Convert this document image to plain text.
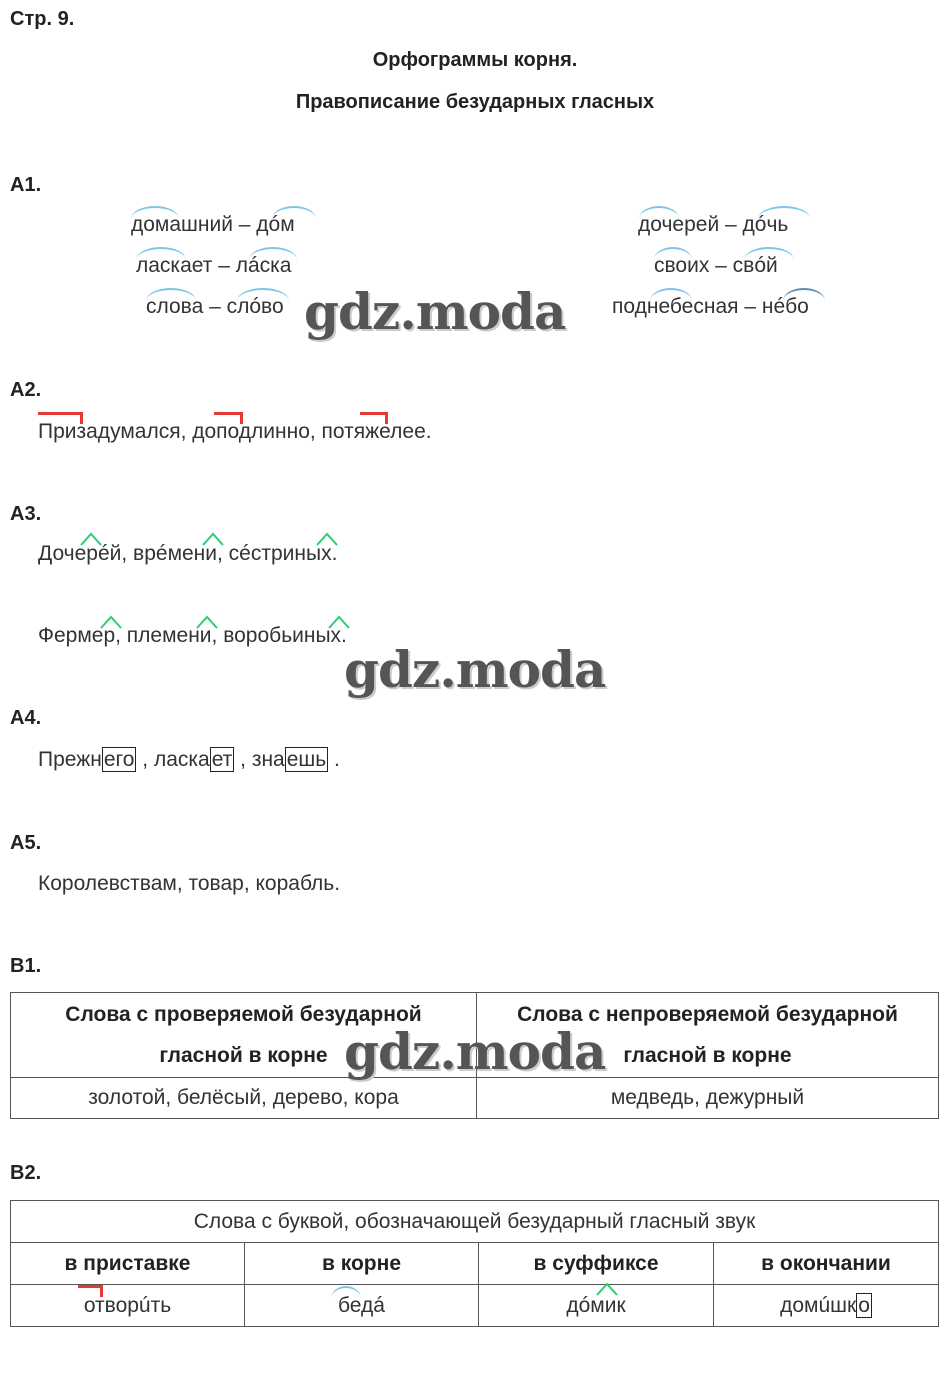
Стр. 9.
Орфограммы корня.
Правописание безударных гласных
А1.
домашний – дóм
ласкает – лáска
слова – слóво
дочерей – дóчь
своих – свóй
поднебесная – нéбо
gdz.moda
А2.
Призадумался, доподлинно, потяжелее.
А3.
Дочерéй, врéмени, сéстриных.
Фермер, племени, воробьиных.
gdz.moda
А4.
Прежнего , ласкает , знаешь .
А5.
Королевствам, товар, корабль.
В1.
Слова с проверяемой безударной
гласной в корне	Слова с непроверяемой безударной
гласной в корне
золотой, белёсый, дерево, кора	медведь, дежурный
gdz.moda
В2.
Слова с буквой, обозначающей безударный гласный звук			
в приставке	в корне	в суффиксе	в окончании
отворúть	бедá	дóмик	домúшко
